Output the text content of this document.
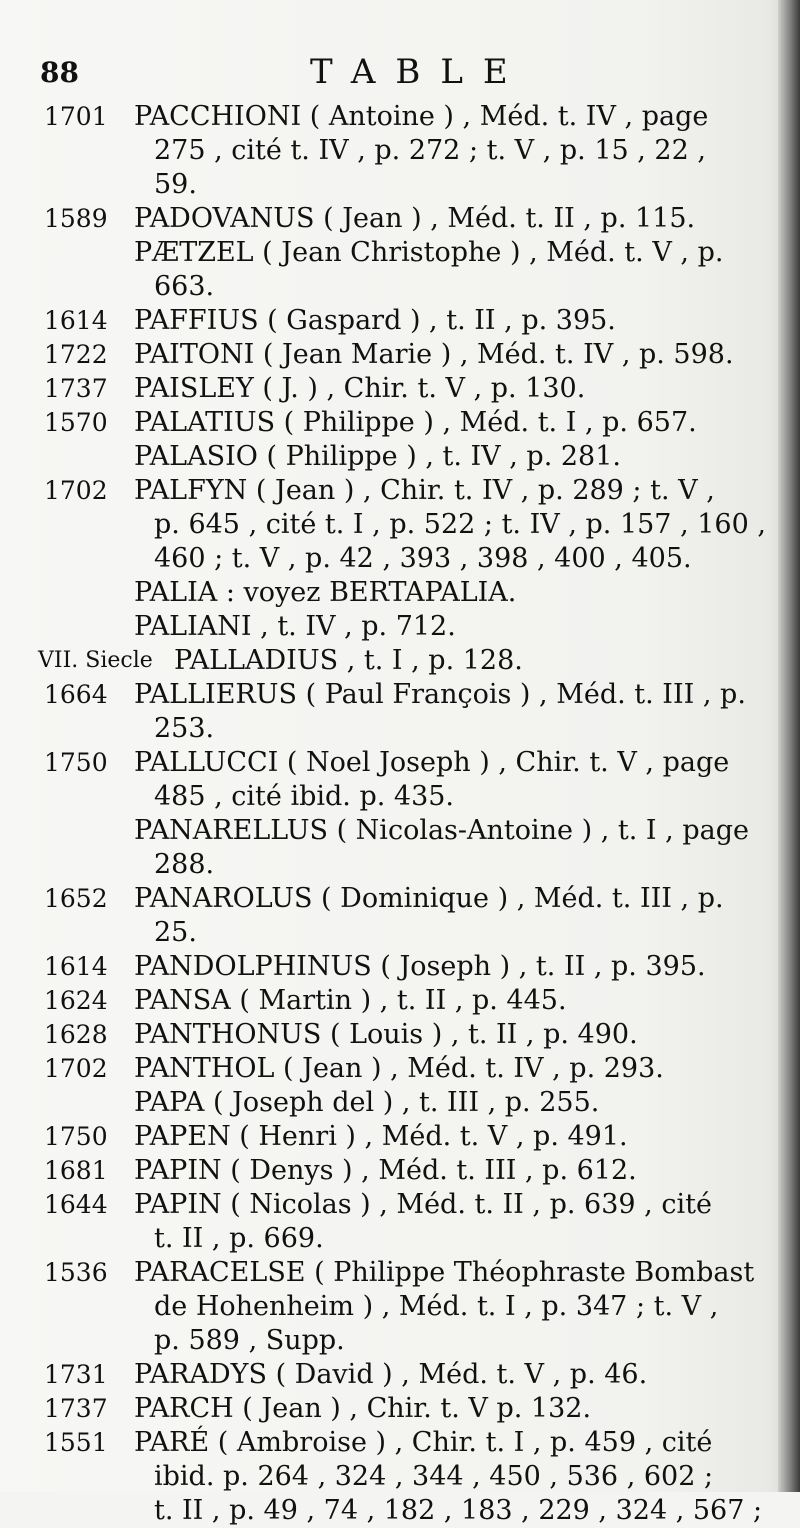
88	TABLE
1701 PACCHIONI ( Antoine ) , Méd. t. IV , page
275 , cité t. IV , p. 272 ; t. V , p. 15 , 22 ,
59.
1589 PADOVANUS ( Jean ) , Méd. t. II , p. 115.
PÆTZEL ( Jean Christophe ) , Méd. t. V , p.
663.
1614 PAFFIUS ( Gaspard ) , t. II , p. 395.
1722 PAITONI ( Jean Marie ) , Méd. t. IV , p. 598.
1737 PAISLEY ( J. ) , Chir. t. V , p. 130.
1570 PALATIUS ( Philippe ) , Méd. t. I , p. 657.
PALASIO ( Philippe ) , t. IV , p. 281.
1702 PALFYN ( Jean ) , Chir. t. IV , p. 289 ; t. V ,
p. 645 , cité t. I , p. 522 ; t. IV , p. 157 , 160 ,
460 ; t. V , p. 42 , 393 , 398 , 400 , 405.
PALIA : voyez BERTAPALIA.
PALIANI , t. IV , p. 712.
VII. Siecle PALLADIUS , t. I , p. 128.
1664 PALLIERUS ( Paul François ) , Méd. t. III , p.
253.
1750 PALLUCCI ( Noel Joseph ) , Chir. t. V , page
485 , cité ibid. p. 435.
PANARELLUS ( Nicolas-Antoine ) , t. I , page
288.
1652 PANAROLUS ( Dominique ) , Méd. t. III , p.
25.
1614 PANDOLPHINUS ( Joseph ) , t. II , p. 395.
1624 PANSA ( Martin ) , t. II , p. 445.
1628 PANTHONUS ( Louis ) , t. II , p. 490.
1702 PANTHOL ( Jean ) , Méd. t. IV , p. 293.
PAPA ( Joseph del ) , t. III , p. 255.
1750 PAPEN ( Henri ) , Méd. t. V , p. 491.
1681 PAPIN ( Denys ) , Méd. t. III , p. 612.
1644 PAPIN ( Nicolas ) , Méd. t. II , p. 639 , cité
t. II , p. 669.
1536 PARACELSE ( Philippe Théophraste Bombast
de Hohenheim ) , Méd. t. I , p. 347 ; t. V ,
p. 589 , Supp.
1731 PARADYS ( David ) , Méd. t. V , p. 46.
1737 PARCH ( Jean ) , Chir. t. V p. 132.
1551 PARÉ ( Ambroise ) , Chir. t. I , p. 459 , cité
ibid. p. 264 , 324 , 344 , 450 , 536 , 602 ;
t. II , p. 49 , 74 , 182 , 183 , 229 , 324 , 567 ;
